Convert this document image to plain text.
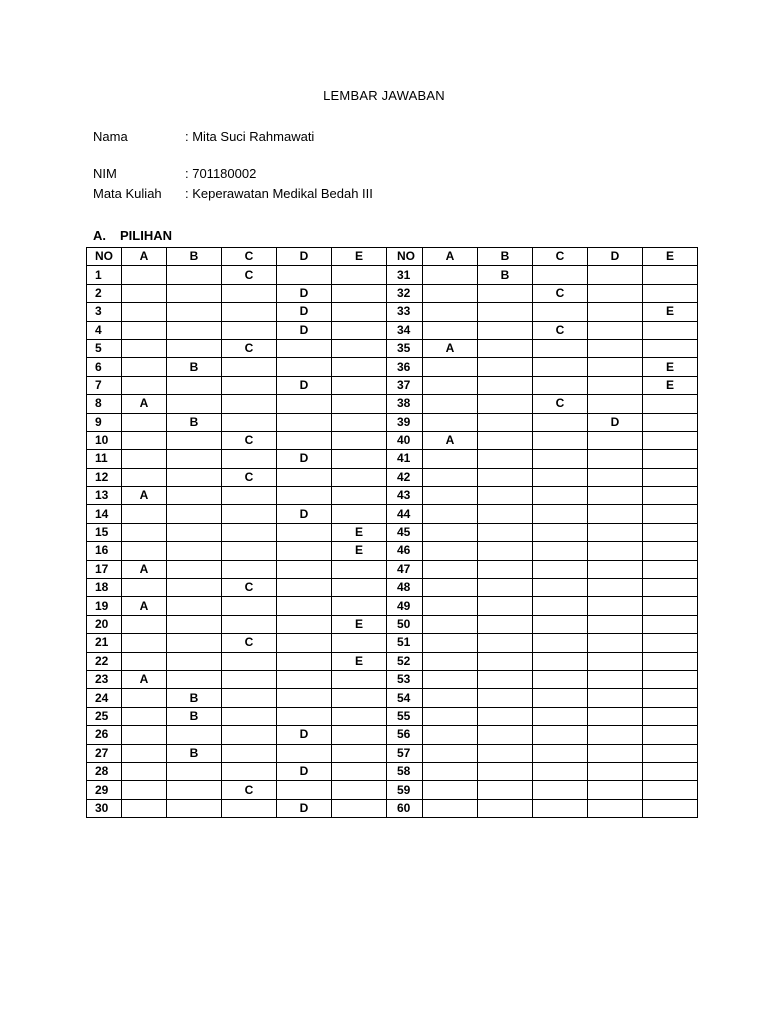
LEMBAR JAWABAN
Nama	: Mita Suci Rahmawati
NIM	: 701180002
Mata Kuliah : Keperawatan Medikal Bedah III
A. PILIHAN
NO	A	B	C	D	E	NO	A	B	C	D	E
1			C			31		B			
2				D		32			C		
3				D		33					E
4				D		34			C		
5			C			35	A				
6		B				36					E
7				D		37					E
8	A					38			C		
9		B				39				D	
10			C			40	A				
11				D		41					
12			C			42					
13	A					43					
14				D		44					
15					E	45					
16					E	46					
17	A					47					
18			C			48					
19	A					49					
20					E	50					
21			C			51					
22					E	52					
23	A					53					
24		B				54					
25		B				55					
26				D		56					
27		B				57					
28				D		58					
29			C			59					
30				D		60					
